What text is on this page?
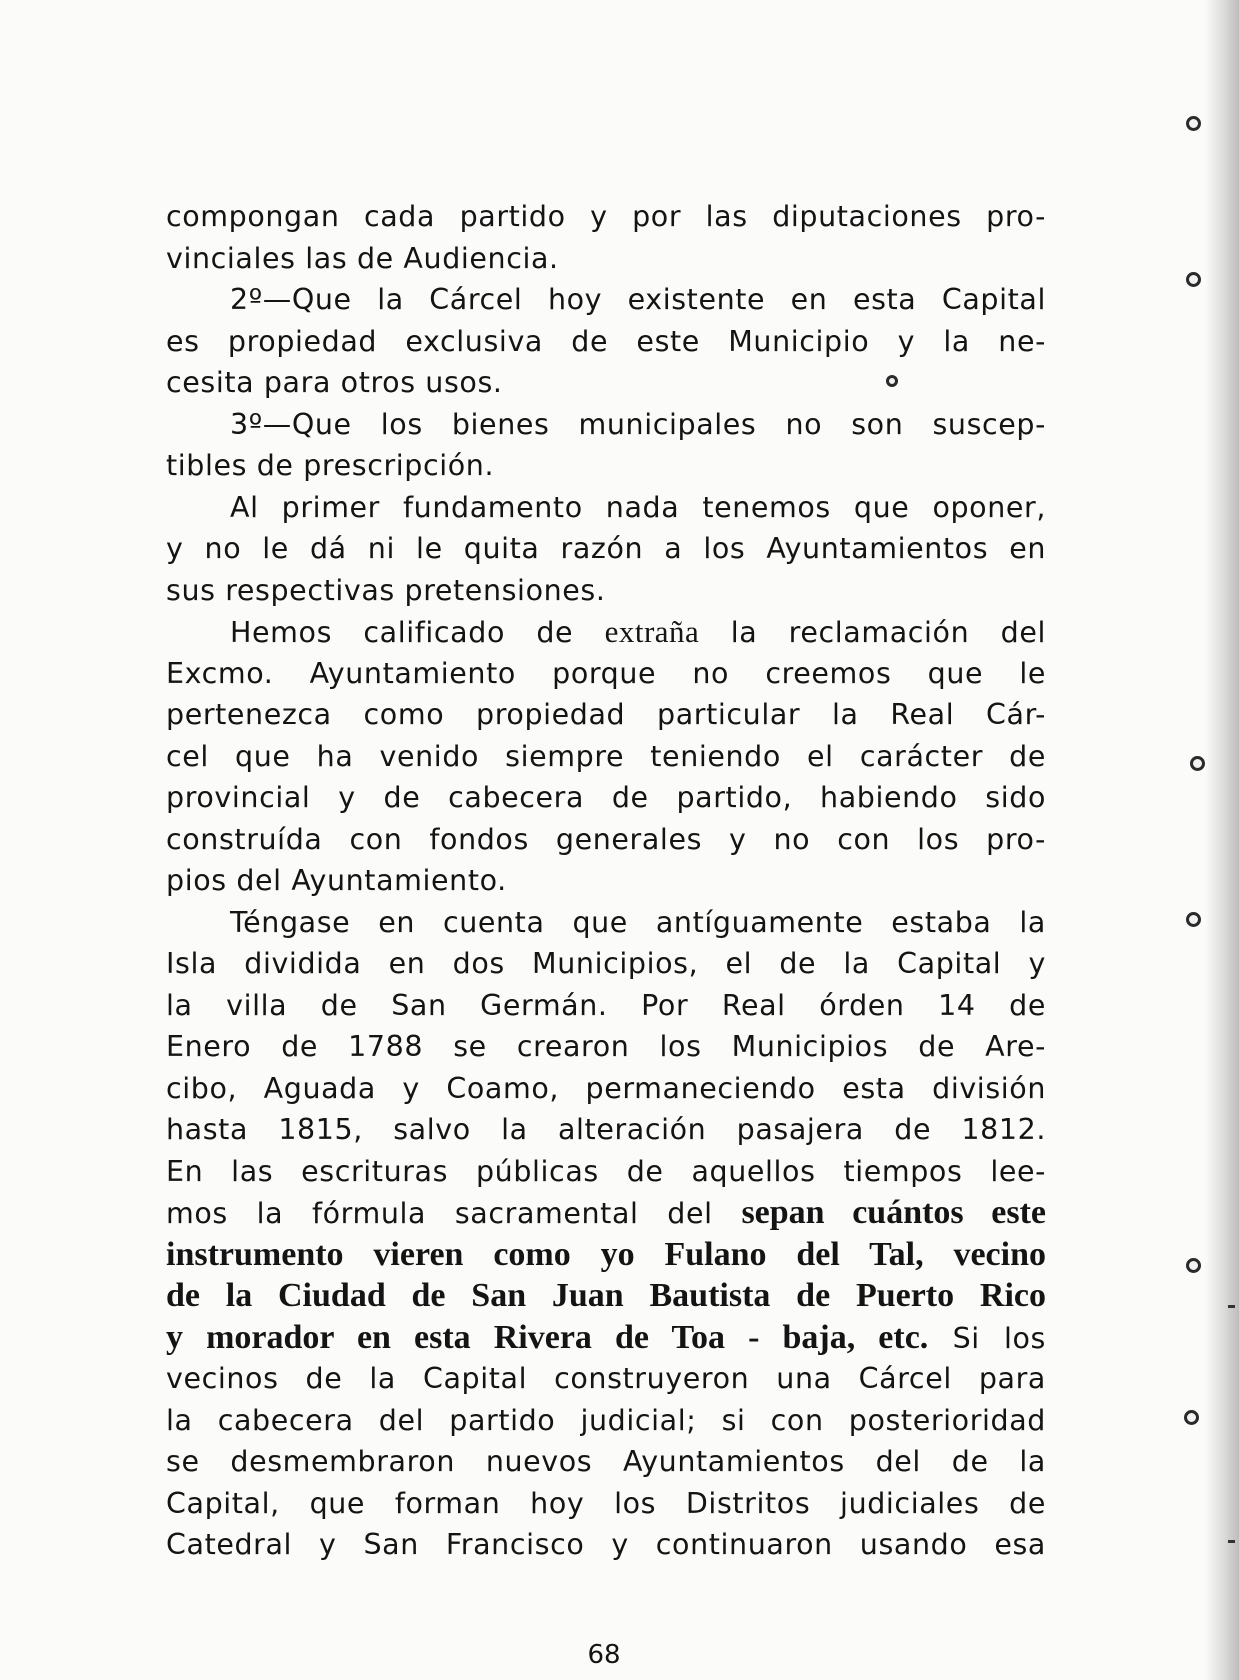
compongan cada partido y por las diputaciones pro-
vinciales las de Audiencia.
2º—Que la Cárcel hoy existente en esta Capital
es propiedad exclusiva de este Municipio y la ne-
cesita para otros usos.
3º—Que los bienes municipales no son suscep-
tibles de prescripción.
Al primer fundamento nada tenemos que oponer,
y no le dá ni le quita razón a los Ayuntamientos en
sus respectivas pretensiones.
Hemos calificado de extraña la reclamación del
Excmo. Ayuntamiento porque no creemos que le
pertenezca como propiedad particular la Real Cár-
cel que ha venido siempre teniendo el carácter de
provincial y de cabecera de partido, habiendo sido
construída con fondos generales y no con los pro-
pios del Ayuntamiento.
Téngase en cuenta que antíguamente estaba la
Isla dividida en dos Municipios, el de la Capital y
la villa de San Germán. Por Real órden 14 de
Enero de 1788 se crearon los Municipios de Are-
cibo, Aguada y Coamo, permaneciendo esta división
hasta 1815, salvo la alteración pasajera de 1812.
En las escrituras públicas de aquellos tiempos lee-
mos la fórmula sacramental del sepan cuántos este
instrumento vieren como yo Fulano del Tal, vecino
de la Ciudad de San Juan Bautista de Puerto Rico
y morador en esta Rivera de Toa - baja, etc. Si los
vecinos de la Capital construyeron una Cárcel para
la cabecera del partido judicial; si con posterioridad
se desmembraron nuevos Ayuntamientos del de la
Capital, que forman hoy los Distritos judiciales de
Catedral y San Francisco y continuaron usando esa
68
